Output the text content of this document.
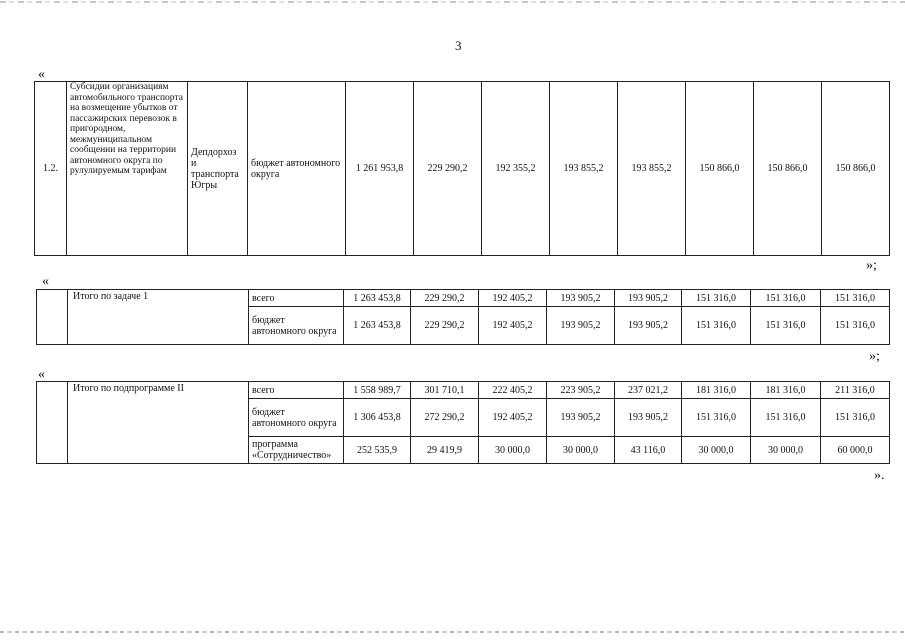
3
«
1.2.	Субсидии организациям автомобильного транспорта на возмещение убытков от пассажирских перевозок в пригородном, межмуниципальном сообщении на территории автономного округа по рулулируемым тарифам	Депдорхоз и транспорта Югры	бюджет автономного округа	1 261 953,8	229 290,2	192 355,2	193 855,2	193 855,2	150 866,0	150 866,0	150 866,0
»;
«
	Итого по задаче 1	всего	1 263 453,8	229 290,2	192 405,2	193 905,2	193 905,2	151 316,0	151 316,0	151 316,0
		бюджет автономного округа	1 263 453,8	229 290,2	192 405,2	193 905,2	193 905,2	151 316,0	151 316,0	151 316,0
»;
«
	Итого по подпрограмме II	всего	1 558 989,7	301 710,1	222 405,2	223 905,2	237 021,2	181 316,0	181 316,0	211 316,0
		бюджет автономного округа	1 306 453,8	272 290,2	192 405,2	193 905,2	193 905,2	151 316,0	151 316,0	151 316,0
		программа «Сотрудничество»	252 535,9	29 419,9	30 000,0	30 000,0	43 116,0	30 000,0	30 000,0	60 000,0
».
